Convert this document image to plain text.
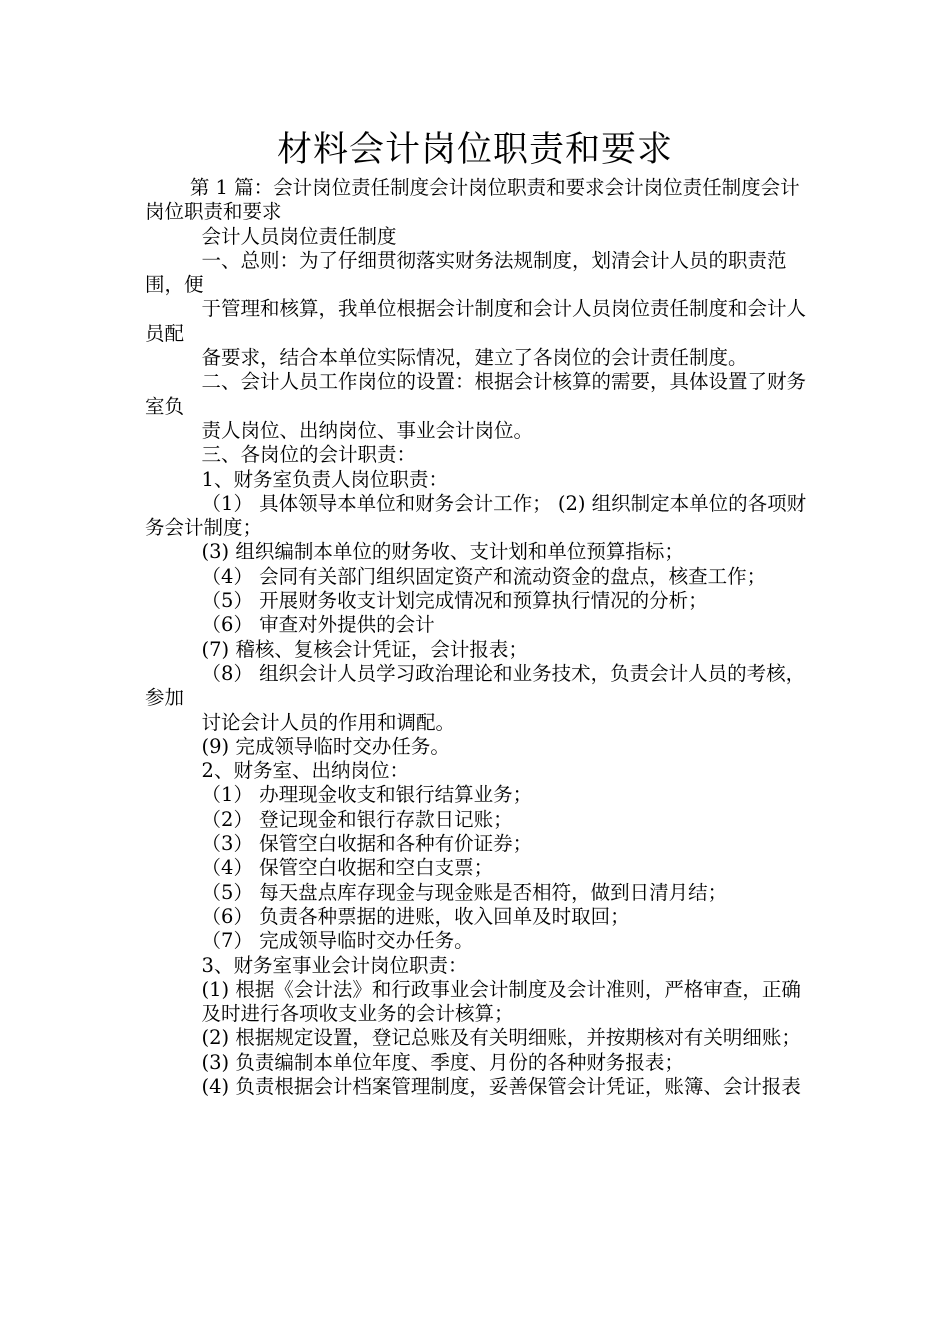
材料会计岗位职责和要求

第 1 篇：会计岗位责任制度会计岗位职责和要求会计岗位责任制度会计岗位职责和要求

会计人员岗位责任制度

一、总则：为了仔细贯彻落实财务法规制度，划清会计人员的职责范围，便

于管理和核算，我单位根据会计制度和会计人员岗位责任制度和会计人员配

备要求，结合本单位实际情况，建立了各岗位的会计责任制度。

二、会计人员工作岗位的设置：根据会计核算的需要，具体设置了财务室负

责人岗位、出纳岗位、事业会计岗位。

三、各岗位的会计职责：

1、财务室负责人岗位职责：

（1） 具体领导本单位和财务会计工作； (2) 组织制定本单位的各项财务会计制度；

(3) 组织编制本单位的财务收、支计划和单位预算指标；

（4） 会同有关部门组织固定资产和流动资金的盘点，核查工作；

（5） 开展财务收支计划完成情况和预算执行情况的分析；

（6） 审查对外提供的会计

(7) 稽核、复核会计凭证，会计报表；

（8） 组织会计人员学习政治理论和业务技术，负责会计人员的考核，参加

讨论会计人员的作用和调配。

(9) 完成领导临时交办任务。

2、财务室、出纳岗位：

（1） 办理现金收支和银行结算业务；

（2） 登记现金和银行存款日记账；

（3） 保管空白收据和各种有价证券；

（4） 保管空白收据和空白支票；

（5） 每天盘点库存现金与现金账是否相符，做到日清月结；

（6） 负责各种票据的进账，收入回单及时取回；

（7） 完成领导临时交办任务。

3、财务室事业会计岗位职责：

(1) 根据《会计法》和行政事业会计制度及会计准则，严格审查，正确

及时进行各项收支业务的会计核算；

(2) 根据规定设置，登记总账及有关明细账，并按期核对有关明细账；

(3) 负责编制本单位年度、季度、月份的各种财务报表；

(4) 负责根据会计档案管理制度，妥善保管会计凭证，账簿、会计报表
